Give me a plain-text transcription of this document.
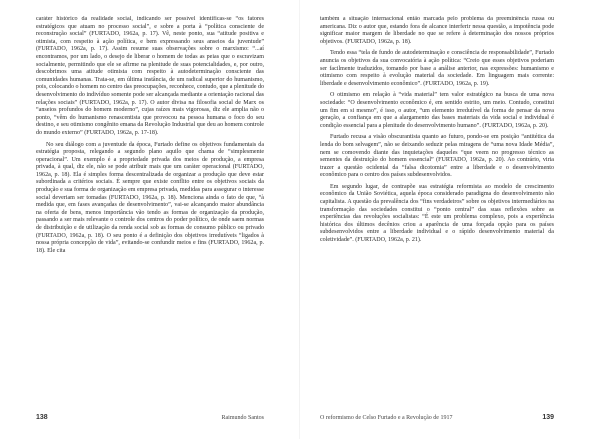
caráter histórico da realidade social, indicando ser possível identificas-se “os fatores estratégicos que atuam no processo social”, e sobre a porta à “política consciente de reconstrução social” (FURTADO, 1962a, p. 17). Vê, neste ponto, sua “atitude positiva e otimista, com respeito à ação política, e bem expressando seus anseios da juventude” (FURTADO, 1962a, p. 17). Assim resume suas observações sobre o marxismo: “...aí encontramos, por um lado, o desejo de liberar o homem de todas as peias que o escravizam socialmente, permitindo que ele se afirme na plenitude de suas potencialidades, e, por outro, descobrimos uma atitude otimista com respeito à autodeterminação consciente das comunidades humanas. Trata-se, em última instância, de um radical superior do humanismo, pois, colocando o homem no centro das preocupações, reconhece, contudo, que a plenitude do desenvolvimento do indivíduo somente pode ser alcançada mediante a orientação racional das relações sociais” (FURTADO, 1962a, p. 17). O autor divisa na filosofia social de Marx os “anseios profundos do homem moderno”, cujas raízes mais vigorosas, diz ele amplia não o ponto, “vêm do humanismo renascentista que provocou na pessoa humana o foco do seu destino, e seu otimismo congênito emana da Revolução Industrial que deu ao homem controle do mundo externo” (FURTADO, 1962a, p. 17-18).

No seu diálogo com a juventude da época, Furtado define os objetivos fundamentais da estratégia proposta, relegando a segundo plano aquilo que chama de “simplesmente operacional”. Um exemplo é a propriedade privada dos meios de produção, a empresa privada, à qual, diz ele, não se pode atribuir mais que um caráter operacional (FURTADO, 1962a, p. 18). Ela é simples forma descentralizada de organizar a produção que deve estar subordinada a critérios sociais. É sempre que existe conflito entre os objetivos sociais da produção e sua forma de organização em empresa privada, medidas para assegurar o interesse social deveriam ser tomadas (FURTADO, 1962a, p. 18). Menciona ainda o fato de que, “à medida que, em fases avançadas de desenvolvimento”, vai-se alcançando maior abundância na oferta de bens, menos importância vão tendo as formas de organização da produção, passando a ser mais relevante o controle dos centros do poder político, de onde saem normas de distribuição e de utilização da renda social sob as formas de consumo público ou privado (FURTADO, 1962a, p. 18). O seu ponto é a definição dos objetivos irredutíveis “ligados à nossa própria concepção de vida”, evitando-se confundir meios e fins (FURTADO, 1962a, p. 18). Ele cita

138	Raimundo Santos

também a situação internacional então marcada pelo problema da preeminência russa ou americana. Diz o autor que, estando fora de alcance interferir nessa questão, a impotência pode significar maior margem de liberdade no que se refere à determinação dos nossos próprios objetivos. (FURTADO, 1962a, p. 18).

Tendo essa “tela de fundo de autodeterminação e consciência de responsabilidade”, Furtado anuncia os objetivos da sua convocatória à ação política: “Creio que esses objetivos poderiam ser facilmente traduzidos, tomando por base a análise anterior, nas expressões: humanismo e otimismo com respeito à evolução material da sociedade. Em linguagem mais corrente: liberdade e desenvolvimento econômico”. (FURTADO, 1962a, p. 19).

O otimismo em relação à “vida material” tem valor estratégico na busca de uma nova sociedade: “O desenvolvimento econômico é, em sentido estrito, um meio. Contudo, constitui um fim em si mesmo”, é isso, o autor, “um elemento irredutível da forma de pensar da nova geração, a confiança em que a alargamento das bases materiais da vida social e individual é condição essencial para a plenitude do desenvolvimento humano”. (FURTADO, 1962a, p. 20).

Furtado recusa a visão obscurantista quanto ao futuro, pondo-se em posição “antitética da lenda do bom selvagem”, não se deixando seduzir pelas miragens de “uma nova Idade Média”, nem se comovendo diante das inquietações daqueles “que veem no progresso técnico as sementes da destruição do homem essencial” (FURTADO, 1962a, p. 20). Ao contrário, viria trazer a questão ocidental da “falsa dicotomia” entre a liberdade e o desenvolvimento econômico para o centro dos países subdesenvolvidos.

Em segundo lugar, de contrapõe sua estratégia reformista ao modelo de crescimento econômico da União Soviética, aquela época considerado paradigma do desenvolvimento não capitalista. A questão da prevalência dos “fins verdadeiros” sobre os objetivos intermediários na transformação das sociedades constitui o “ponto central” das suas reflexões sobre as experiências das revoluções socialistas: “É este um problema complexo, pois a experiência histórica dos últimos decênios criou a aparência de uma forçada opção para os países subdesenvolvidos entre a liberdade individual e o rápido desenvolvimento material da coletividade”. (FURTADO, 1962a, p. 21).

O reformismo de Celso Furtado e a Revolução de 1917	139
